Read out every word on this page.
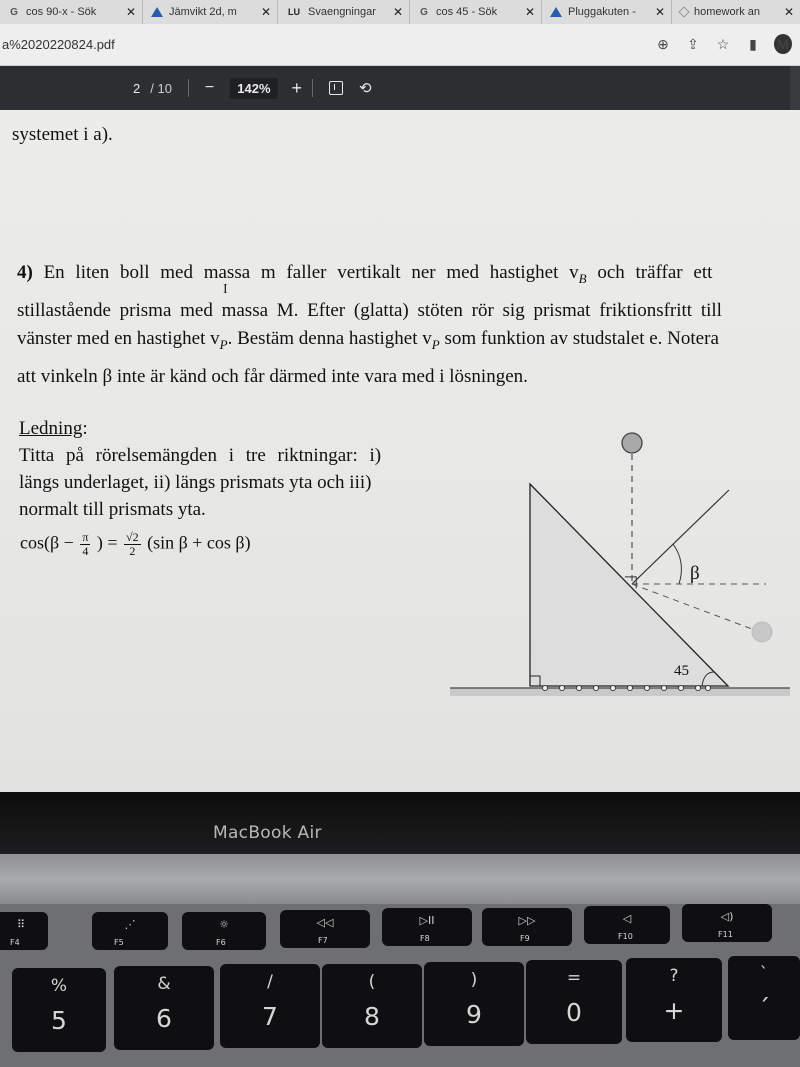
G cos 90-x - Sök	✕	Jämvikt 2d, m	✕ LU Svaengningar	✕ G cos 45 - Sök	✕	Pluggakuten -	✕	homework an	✕
a%2020220824.pdf	⊕ ⇪ ☆	▮	M
2 / 10 −	142%	+	⟲
systemet i a).
4) En liten boll med massa m faller vertikalt ner med hastighet $v_B$ och träffar ett
stillastående prisma med massa M. Efter (glatta) stöten rör sig prismat friktionsfritt till
vänster med en hastighet $v_P$. Bestäm denna hastighet $v_P$ som funktion av studstalet e. Notera
att vinkeln β inte är känd och får därmed inte vara med i lösningen.
Ledning:
Titta på rörelsemängden i tre riktningar: i)
längs underlaget, ii) längs prismats yta och iii)
normalt till prismats yta.
$\cos(\beta - \frac{\pi}{4}$ ) = $\frac{√2}{2} (\sin$ β + cos β)
I
β
45
MacBook Air
⠿
F4
⋰
F5
☼
F6
◁◁
F7
▷II
F8
▷▷
F9
◁
F10
◁)
F11
%
5
&
6
/
7
(
8
)
9
=
0
?
+
`
´
